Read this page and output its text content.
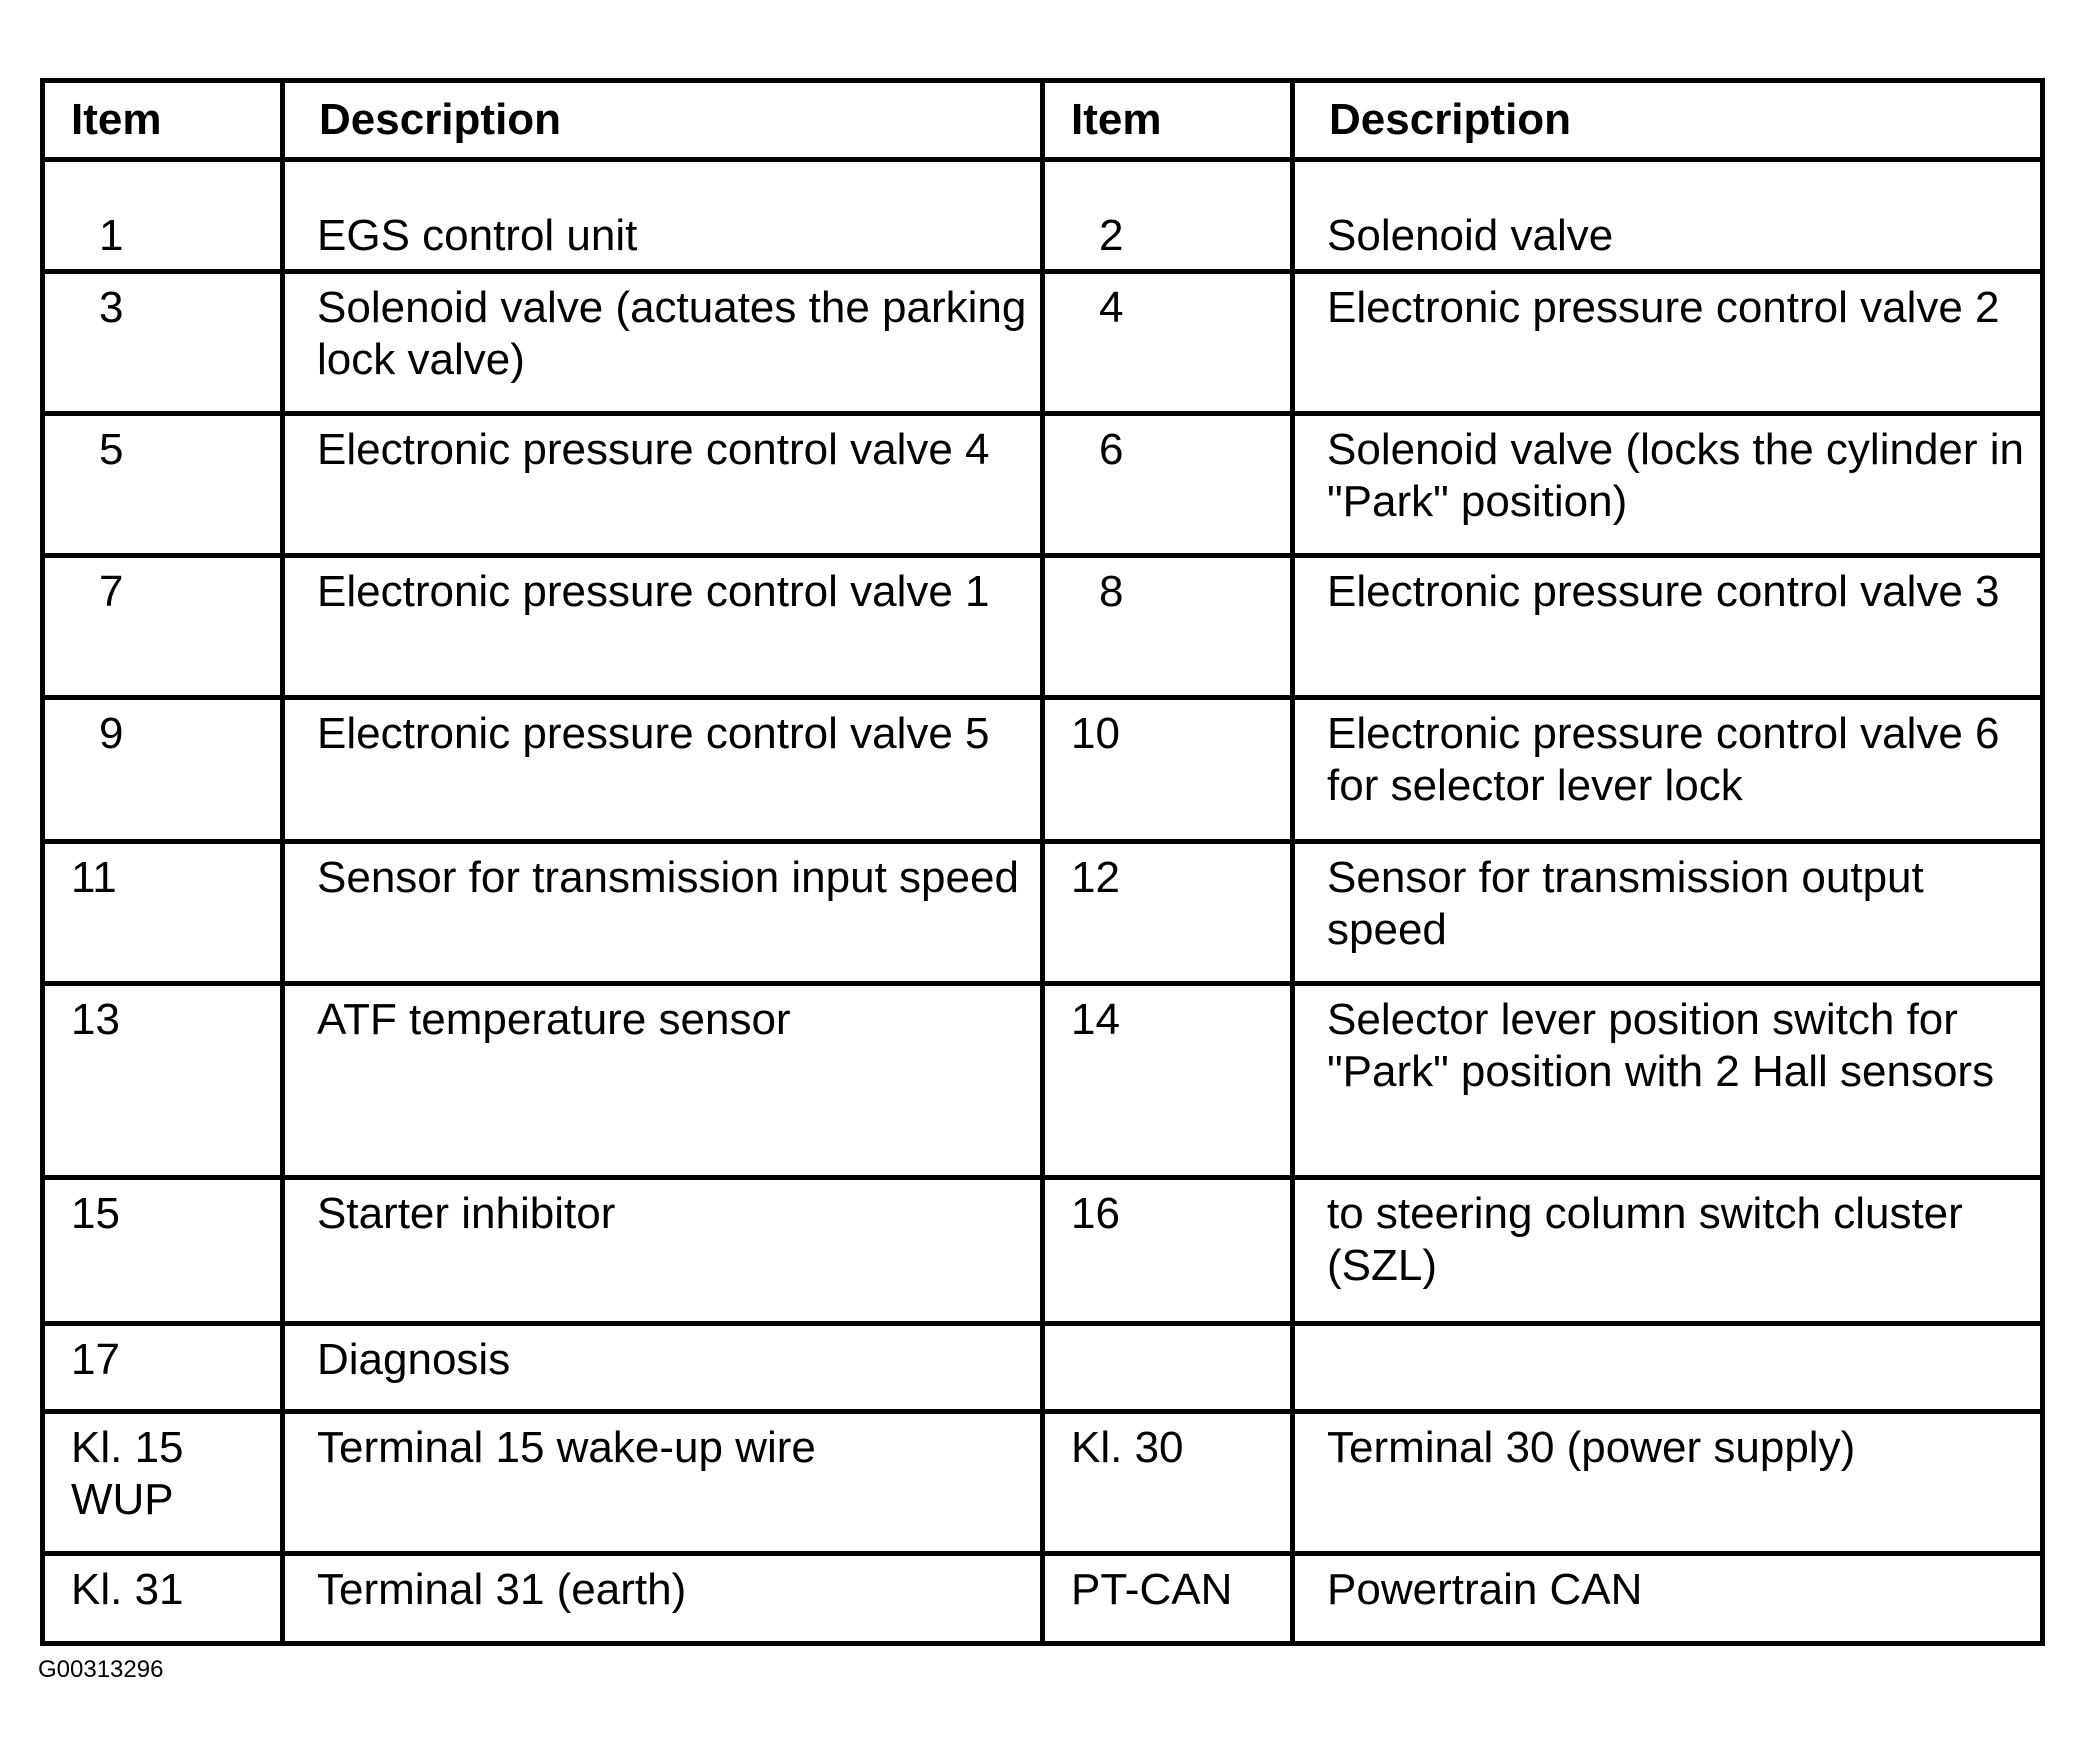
Item	Description	Item	Description
1	EGS control unit	2	Solenoid valve
3	Solenoid valve (actuates the parking lock valve)	4	Electronic pressure control valve 2
5	Electronic pressure control valve 4	6	Solenoid valve (locks the cylinder in "Park" position)
7	Electronic pressure control valve 1	8	Electronic pressure control valve 3
9	Electronic pressure control valve 5	10	Electronic pressure control valve 6 for selector lever lock
11	Sensor for transmission input speed	12	Sensor for transmission output speed
13	ATF temperature sensor	14	Selector lever position switch for "Park" position with 2 Hall sensors
15	Starter inhibitor	16	to steering column switch cluster (SZL)
17	Diagnosis		
Kl. 15 WUP	Terminal 15 wake-up wire	Kl. 30	Terminal 30 (power supply)
Kl. 31	Terminal 31 (earth)	PT-CAN	Powertrain CAN
G00313296
